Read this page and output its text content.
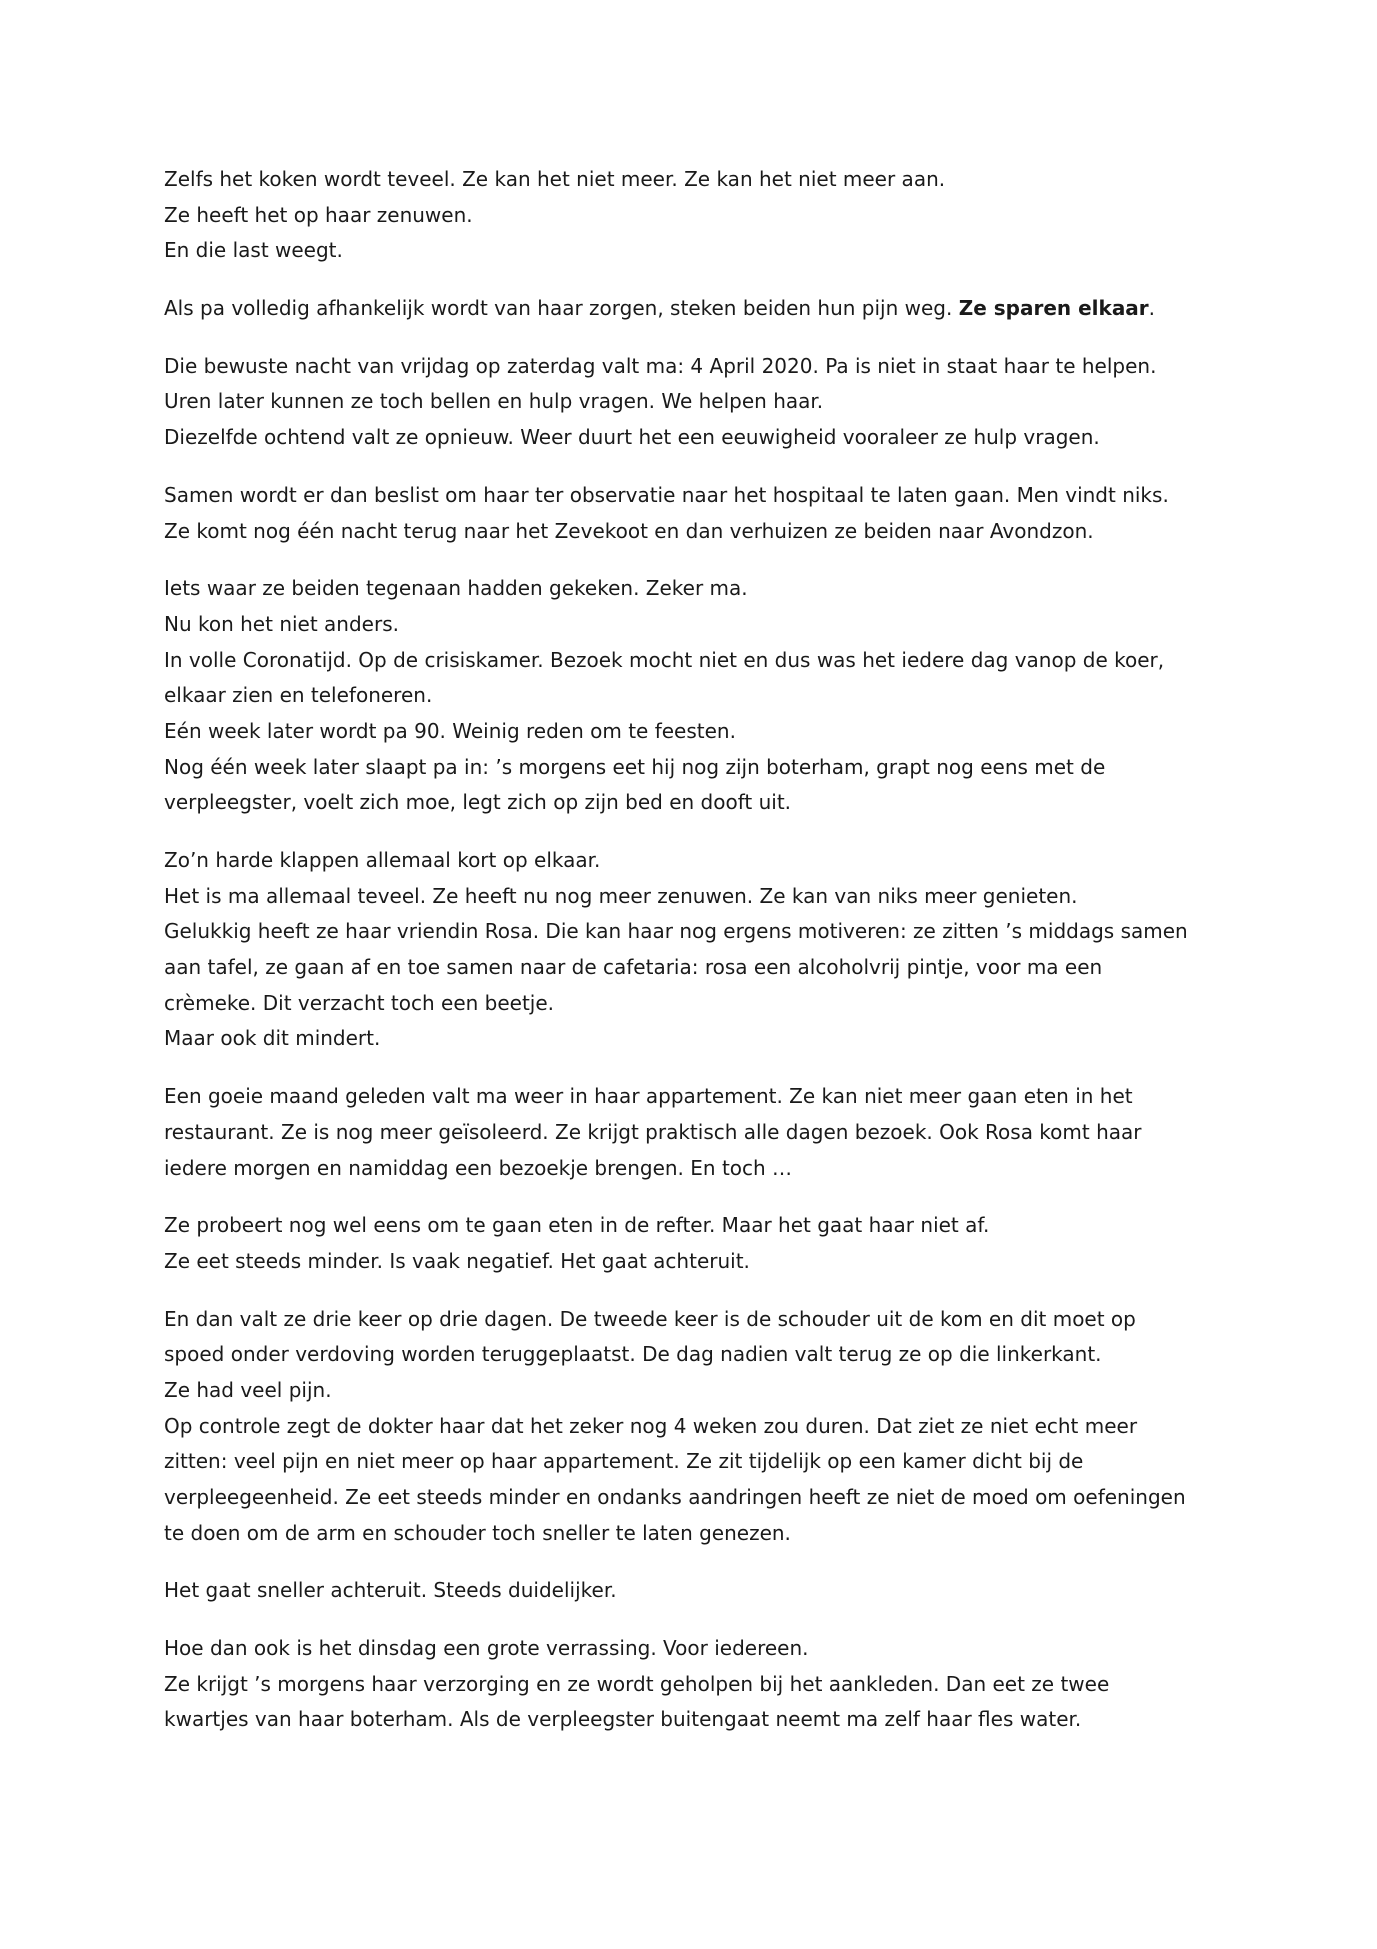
Zelfs het koken wordt teveel. Ze kan het niet meer. Ze kan het niet meer aan.
Ze heeft het op haar zenuwen.
En die last weegt.
Als pa volledig afhankelijk wordt van haar zorgen, steken beiden hun pijn weg. Ze sparen elkaar.
Die bewuste nacht van vrijdag op zaterdag valt ma: 4 April 2020. Pa is niet in staat haar te helpen.
Uren later kunnen ze toch bellen en hulp vragen. We helpen haar.
Diezelfde ochtend valt ze opnieuw. Weer duurt het een eeuwigheid vooraleer ze hulp vragen.
Samen wordt er dan beslist om haar ter observatie naar het hospitaal te laten gaan. Men vindt niks.
Ze komt nog één nacht terug naar het Zevekoot en dan verhuizen ze beiden naar Avondzon.
Iets waar ze beiden tegenaan hadden gekeken. Zeker ma.
Nu kon het niet anders.
In volle Coronatijd. Op de crisiskamer. Bezoek mocht niet en dus was het iedere dag vanop de koer,
elkaar zien en telefoneren.
Eén week later wordt pa 90. Weinig reden om te feesten.
Nog één week later slaapt pa in: ’s morgens eet hij nog zijn boterham, grapt nog eens met de
verpleegster, voelt zich moe, legt zich op zijn bed en dooft uit.
Zo’n harde klappen allemaal kort op elkaar.
Het is ma allemaal teveel. Ze heeft nu nog meer zenuwen. Ze kan van niks meer genieten.
Gelukkig heeft ze haar vriendin Rosa. Die kan haar nog ergens motiveren: ze zitten ’s middags samen
aan tafel, ze gaan af en toe samen naar de cafetaria: rosa een alcoholvrij pintje, voor ma een
crèmeke. Dit verzacht toch een beetje.
Maar ook dit mindert.
Een goeie maand geleden valt ma weer in haar appartement. Ze kan niet meer gaan eten in het
restaurant. Ze is nog meer geïsoleerd. Ze krijgt praktisch alle dagen bezoek. Ook Rosa komt haar
iedere morgen en namiddag een bezoekje brengen. En toch …
Ze probeert nog wel eens om te gaan eten in de refter. Maar het gaat haar niet af.
Ze eet steeds minder. Is vaak negatief. Het gaat achteruit.
En dan valt ze drie keer op drie dagen. De tweede keer is de schouder uit de kom en dit moet op
spoed onder verdoving worden teruggeplaatst. De dag nadien valt terug ze op die linkerkant.
Ze had veel pijn.
Op controle zegt de dokter haar dat het zeker nog 4 weken zou duren. Dat ziet ze niet echt meer
zitten: veel pijn en niet meer op haar appartement. Ze zit tijdelijk op een kamer dicht bij de
verpleegeenheid. Ze eet steeds minder en ondanks aandringen heeft ze niet de moed om oefeningen
te doen om de arm en schouder toch sneller te laten genezen.
Het gaat sneller achteruit. Steeds duidelijker.
Hoe dan ook is het dinsdag een grote verrassing. Voor iedereen.
Ze krijgt ’s morgens haar verzorging en ze wordt geholpen bij het aankleden. Dan eet ze twee
kwartjes van haar boterham. Als de verpleegster buitengaat neemt ma zelf haar fles water.
